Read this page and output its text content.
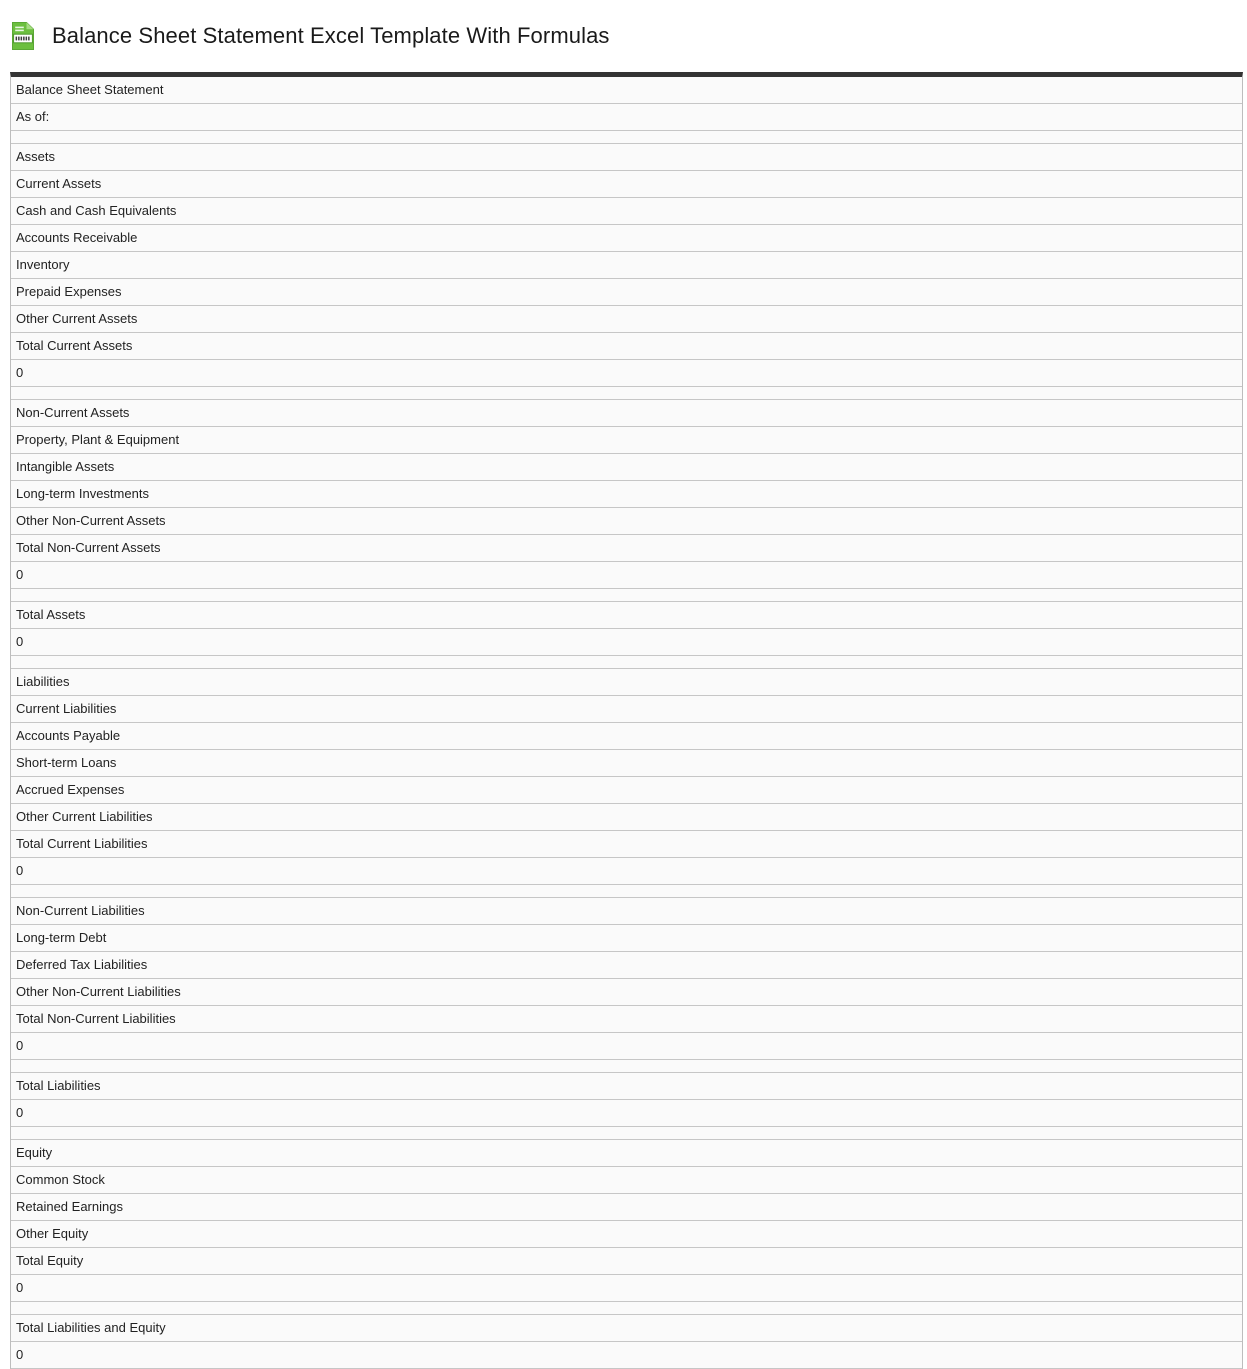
Balance Sheet Statement Excel Template With Formulas
Balance Sheet Statement
As of:

Assets
Current Assets
Cash and Cash Equivalents
Accounts Receivable
Inventory
Prepaid Expenses
Other Current Assets
Total Current Assets
0

Non-Current Assets
Property, Plant & Equipment
Intangible Assets
Long-term Investments
Other Non-Current Assets
Total Non-Current Assets
0

Total Assets
0

Liabilities
Current Liabilities
Accounts Payable
Short-term Loans
Accrued Expenses
Other Current Liabilities
Total Current Liabilities
0

Non-Current Liabilities
Long-term Debt
Deferred Tax Liabilities
Other Non-Current Liabilities
Total Non-Current Liabilities
0

Total Liabilities
0

Equity
Common Stock
Retained Earnings
Other Equity
Total Equity
0

Total Liabilities and Equity
0
